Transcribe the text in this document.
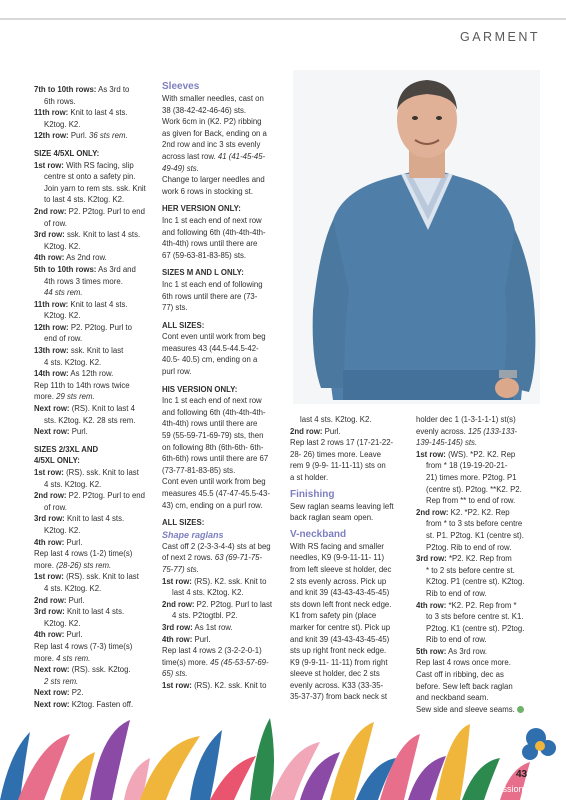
GARMENT

7th to 10th rows: As 3rd to

6th rows.

11th row: Knit to last 4 sts.

K2tog. K2.

12th row: Purl. 36 sts rem.

SIZE 4/5XL ONLY:

1st row: With RS facing, slip

centre st onto a safety pin.

Join yarn to rem sts. ssk. Knit

to last 4 sts. K2tog. K2.

2nd row: P2. P2tog. Purl to end

of row.

3rd row: ssk. Knit to last 4 sts.

K2tog. K2.

4th row: As 2nd row.

5th to 10th rows: As 3rd and

4th rows 3 times more.

44 sts rem.

11th row: Knit to last 4 sts.

K2tog. K2.

12th row: P2. P2tog. Purl to

end of row.

13th row: ssk. Knit to last

4 sts. K2tog. K2.

14th row: As 12th row.

Rep 11th to 14th rows twice

more. 29 sts rem.

Next row: (RS). Knit to last 4

sts. K2tog. K2. 28 sts rem.

Next row: Purl.

SIZES 2/3XL AND

4/5XL ONLY:

1st row: (RS). ssk. Knit to last

4 sts. K2tog. K2.

2nd row: P2. P2tog. Purl to end

of row.

3rd row: Knit to last 4 sts.

K2tog. K2.

4th row: Purl.

Rep last 4 rows (1-2) time(s)

more. (28-26) sts rem.

1st row: (RS). ssk. Knit to last

4 sts. K2tog. K2.

2nd row: Purl.

3rd row: Knit to last 4 sts.

K2tog. K2.

4th row: Purl.

Rep last 4 rows (7-3) time(s)

more. 4 sts rem.

Next row: (RS). ssk. K2tog.

2 sts rem.

Next row: P2.

Next row: K2tog. Fasten off.

Sleeves

With smaller needles, cast on

38 (38-42-42-46-46) sts.

Work 6cm in (K2. P2) ribbing

as given for Back, ending on a

2nd row and inc 3 sts evenly

across last row. 41 (41-45-45-

49-49) sts.

Change to larger needles and

work 6 rows in stocking st.

HER VERSION ONLY:

Inc 1 st each end of next row

and following 6th (4th-4th-4th-

4th-4th) rows until there are

67 (59-63-81-83-85) sts.

SIZES M AND L ONLY:

Inc 1 st each end of following

6th rows until there are (73-

77) sts.

ALL SIZES:

Cont even until work from beg

measures 43 (44.5-44.5-42-

40.5- 40.5) cm, ending on a

purl row.

HIS VERSION ONLY:

Inc 1 st each end of next row

and following 6th (4th-4th-4th-

4th-4th) rows until there are

59 (55-59-71-69-79) sts, then

on following 8th (6th-6th- 6th-

6th-6th) rows until there are 67

(73-77-81-83-85) sts.

Cont even until work from beg

measures 45.5 (47-47-45.5-43-

43) cm, ending on a purl row.

ALL SIZES:

Shape raglans

Cast off 2 (2-3-3-4-4) sts at beg

of next 2 rows. 63 (69-71-75-

75-77) sts.

1st row: (RS). K2. ssk. Knit to

last 4 sts. K2tog. K2.

2nd row: P2. P2tog. Purl to last

4 sts. P2togtbl. P2.

3rd row: As 1st row.

4th row: Purl.

Rep last 4 rows 2 (3-2-2-0-1)

time(s) more. 45 (45-53-57-69-

65) sts.

1st row: (RS). K2. ssk. Knit to

last 4 sts. K2tog. K2.

2nd row: Purl.

Rep last 2 rows 17 (17-21-22-

28- 26) times more. Leave

rem 9 (9-9- 11-11-11) sts on

a st holder.

Finishing

Sew raglan seams leaving left

back raglan seam open.

V-neckband

With RS facing and smaller

needles, K9 (9-9-11-11- 11)

from left sleeve st holder, dec

2 sts evenly across. Pick up

and knit 39 (43-43-43-45-45)

sts down left front neck edge.

K1 from safety pin (place

marker for centre st). Pick up

and knit 39 (43-43-43-45-45)

sts up right front neck edge.

K9 (9-9-11- 11-11) from right

sleeve st holder, dec 2 sts

evenly across. K33 (33-35-

35-37-37) from back neck st

holder dec 1 (1-3-1-1-1) st(s)

evenly across. 125 (133-133-

139-145-145) sts.

1st row: (WS). *P2. K2. Rep

from * 18 (19-19-20-21-

21) times more. P2tog. P1

(centre st). P2tog. **K2. P2.

Rep from ** to end of row.

2nd row: K2. *P2. K2. Rep

from * to 3 sts before centre

st. P1. P2tog. K1 (centre st).

P2tog. Rib to end of row.

3rd row: *P2. K2. Rep from

* to 2 sts before centre st.

K2tog. P1 (centre st). K2tog.

Rib to end of row.

4th row: *K2. P2. Rep from *

to 3 sts before centre st. K1.

P2tog. K1 (centre st). P2tog.

Rib to end of row.

5th row: As 3rd row.

Rep last 4 rows once more.

Cast off in ribbing, dec as

before. Sew left back raglan

and neckband seam.

Sew side and sleeve seams.

43
PassionForum.ru
